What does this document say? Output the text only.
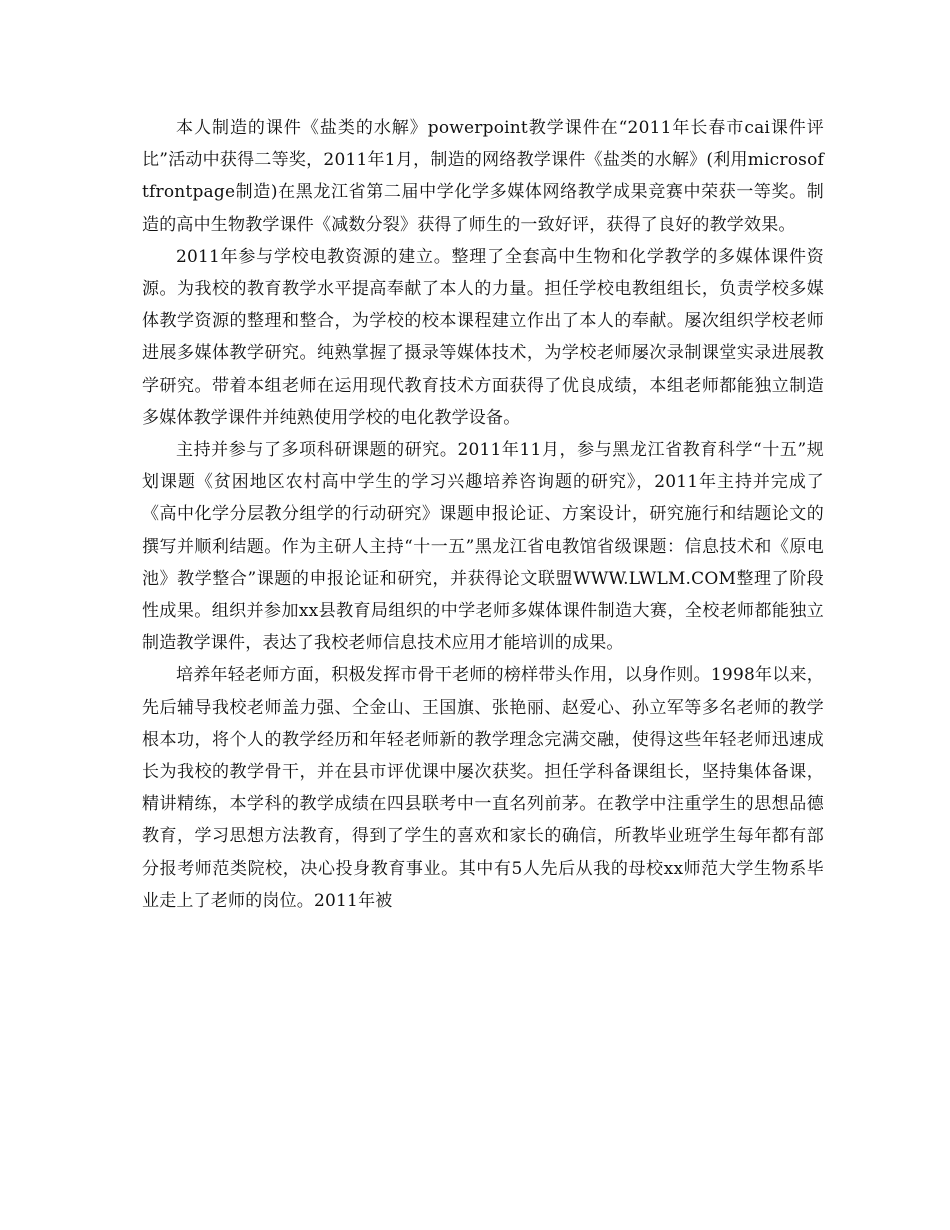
本人制造的课件《盐类的水解》powerpoint教学课件在“2011年长春市cai课件评比”活动中获得二等奖，2011年1月，制造的网络教学课件《盐类的水解》(利用microsoftfrontpage制造)在黑龙江省第二届中学化学多媒体网络教学成果竞赛中荣获一等奖。制造的高中生物教学课件《减数分裂》获得了师生的一致好评，获得了良好的教学效果。

2011年参与学校电教资源的建立。整理了全套高中生物和化学教学的多媒体课件资源。为我校的教育教学水平提高奉献了本人的力量。担任学校电教组组长，负责学校多媒体教学资源的整理和整合，为学校的校本课程建立作出了本人的奉献。屡次组织学校老师进展多媒体教学研究。纯熟掌握了摄录等媒体技术，为学校老师屡次录制课堂实录进展教学研究。带着本组老师在运用现代教育技术方面获得了优良成绩，本组老师都能独立制造多媒体教学课件并纯熟使用学校的电化教学设备。

主持并参与了多项科研课题的研究。2011年11月，参与黑龙江省教育科学“十五”规划课题《贫困地区农村高中学生的学习兴趣培养咨询题的研究》，2011年主持并完成了《高中化学分层教分组学的行动研究》课题申报论证、方案设计，研究施行和结题论文的撰写并顺利结题。作为主研人主持“十一五”黑龙江省电教馆省级课题：信息技术和《原电池》教学整合”课题的申报论证和研究，并获得论文联盟WWW.LWLM.COM整理了阶段性成果。组织并参加xx县教育局组织的中学老师多媒体课件制造大赛，全校老师都能独立制造教学课件，表达了我校老师信息技术应用才能培训的成果。

培养年轻老师方面，积极发挥市骨干老师的榜样带头作用，以身作则。1998年以来，先后辅导我校老师盖力强、仝金山、王国旗、张艳丽、赵爱心、孙立军等多名老师的教学根本功，将个人的教学经历和年轻老师新的教学理念完满交融，使得这些年轻老师迅速成长为我校的教学骨干，并在县市评优课中屡次获奖。担任学科备课组长，坚持集体备课，精讲精练，本学科的教学成绩在四县联考中一直名列前茅。在教学中注重学生的思想品德教育，学习思想方法教育，得到了学生的喜欢和家长的确信，所教毕业班学生每年都有部分报考师范类院校，决心投身教育事业。其中有5人先后从我的母校xx师范大学生物系毕业走上了老师的岗位。2011年被
